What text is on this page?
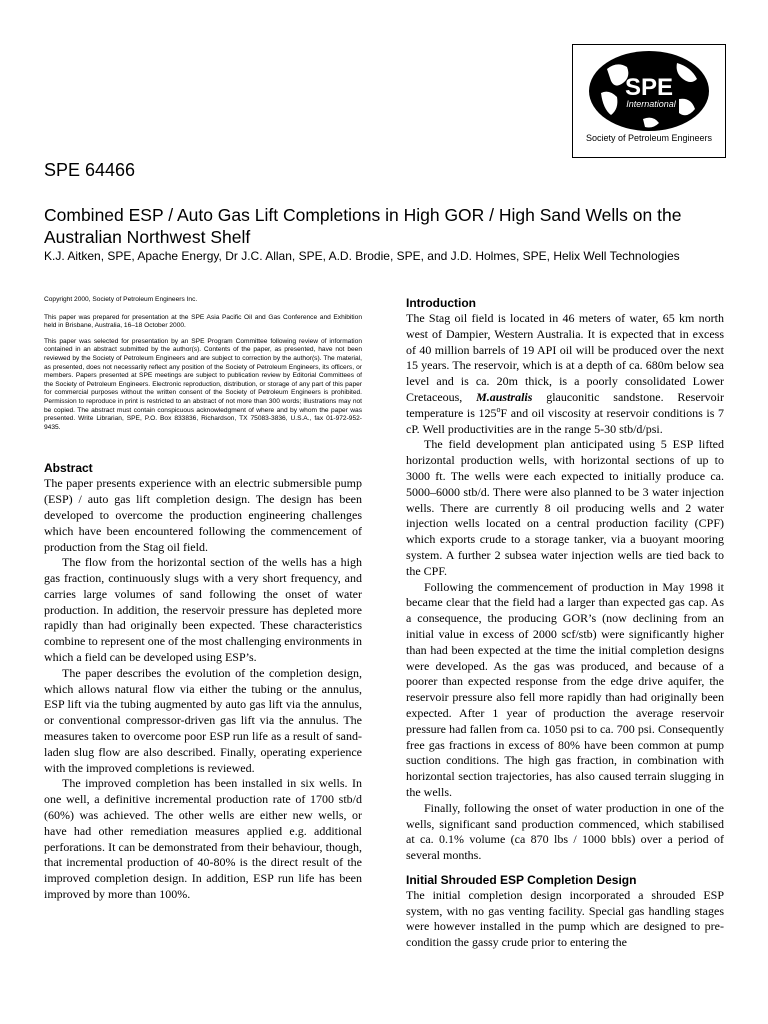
SPE
International
Society of Petroleum Engineers
SPE 64466
Combined ESP / Auto Gas Lift Completions in High GOR / High Sand Wells on the Australian Northwest Shelf
K.J. Aitken, SPE, Apache Energy, Dr J.C. Allan, SPE, A.D. Brodie, SPE, and J.D. Holmes, SPE, Helix Well Technologies

Copyright 2000, Society of Petroleum Engineers Inc.

This paper was prepared for presentation at the SPE Asia Pacific Oil and Gas Conference and Exhibition held in Brisbane, Australia, 16–18 October 2000.

This paper was selected for presentation by an SPE Program Committee following review of information contained in an abstract submitted by the author(s). Contents of the paper, as presented, have not been reviewed by the Society of Petroleum Engineers and are subject to correction by the author(s). The material, as presented, does not necessarily reflect any position of the Society of Petroleum Engineers, its officers, or members. Papers presented at SPE meetings are subject to publication review by Editorial Committees of the Society of Petroleum Engineers. Electronic reproduction, distribution, or storage of any part of this paper for commercial purposes without the written consent of the Society of Petroleum Engineers is prohibited. Permission to reproduce in print is restricted to an abstract of not more than 300 words; illustrations may not be copied. The abstract must contain conspicuous acknowledgment of where and by whom the paper was presented. Write Librarian, SPE, P.O. Box 833836, Richardson, TX 75083-3836, U.S.A., fax 01-972-952-9435.

Abstract

The paper presents experience with an electric submersible pump (ESP) / auto gas lift completion design. The design has been developed to overcome the production engineering challenges which have been encountered following the commencement of production from the Stag oil field.

The flow from the horizontal section of the wells has a high gas fraction, continuously slugs with a very short frequency, and carries large volumes of sand following the onset of water production. In addition, the reservoir pressure has depleted more rapidly than had originally been expected. These characteristics combine to represent one of the most challenging environments in which a field can be developed using ESP’s.

The paper describes the evolution of the completion design, which allows natural flow via either the tubing or the annulus, ESP lift via the tubing augmented by auto gas lift via the annulus, or conventional compressor-driven gas lift via the annulus. The measures taken to overcome poor ESP run life as a result of sand-laden slug flow are also described. Finally, operating experience with the improved completions is reviewed.

The improved completion has been installed in six wells. In one well, a definitive incremental production rate of 1700 stb/d (60%) was achieved. The other wells are either new wells, or have had other remediation measures applied e.g. additional perforations. It can be demonstrated from their behaviour, though, that incremental production of 40-80% is the direct result of the improved completion design. In addition, ESP run life has been improved by more than 100%.

Introduction

The Stag oil field is located in 46 meters of water, 65 km north west of Dampier, Western Australia. It is expected that in excess of 40 million barrels of 19 API oil will be produced over the next 15 years. The reservoir, which is at a depth of ca. 680m below sea level and is ca. 20m thick, is a poorly consolidated Lower Cretaceous, M.australis glauconitic sandstone. Reservoir temperature is 125$^o$F and oil viscosity at reservoir conditions is 7 cP. Well productivities are in the range 5-30 stb/d/psi.

The field development plan anticipated using 5 ESP lifted horizontal production wells, with horizontal sections of up to 3000 ft. The wells were each expected to initially produce ca. 5000–6000 stb/d. There were also planned to be 3 water injection wells. There are currently 8 oil producing wells and 2 water injection wells located on a central production facility (CPF) which exports crude to a storage tanker, via a buoyant mooring system. A further 2 subsea water injection wells are tied back to the CPF.

Following the commencement of production in May 1998 it became clear that the field had a larger than expected gas cap. As a consequence, the producing GOR’s (now declining from an initial value in excess of 2000 scf/stb) were significantly higher than had been expected at the time the initial completion designs were developed. As the gas was produced, and because of a poorer than expected response from the edge drive aquifer, the reservoir pressure also fell more rapidly than had originally been expected. After 1 year of production the average reservoir pressure had fallen from ca. 1050 psi to ca. 700 psi. Consequently free gas fractions in excess of 80% have been common at pump suction conditions. The high gas fraction, in combination with horizontal section trajectories, has also caused terrain slugging in the wells.

Finally, following the onset of water production in one of the wells, significant sand production commenced, which stabilised at ca. 0.1% volume (ca 870 lbs / 1000 bbls) over a period of several months.

Initial Shrouded ESP Completion Design

The initial completion design incorporated a shrouded ESP system, with no gas venting facility. Special gas handling stages were however installed in the pump which are designed to pre-condition the gassy crude prior to entering the
